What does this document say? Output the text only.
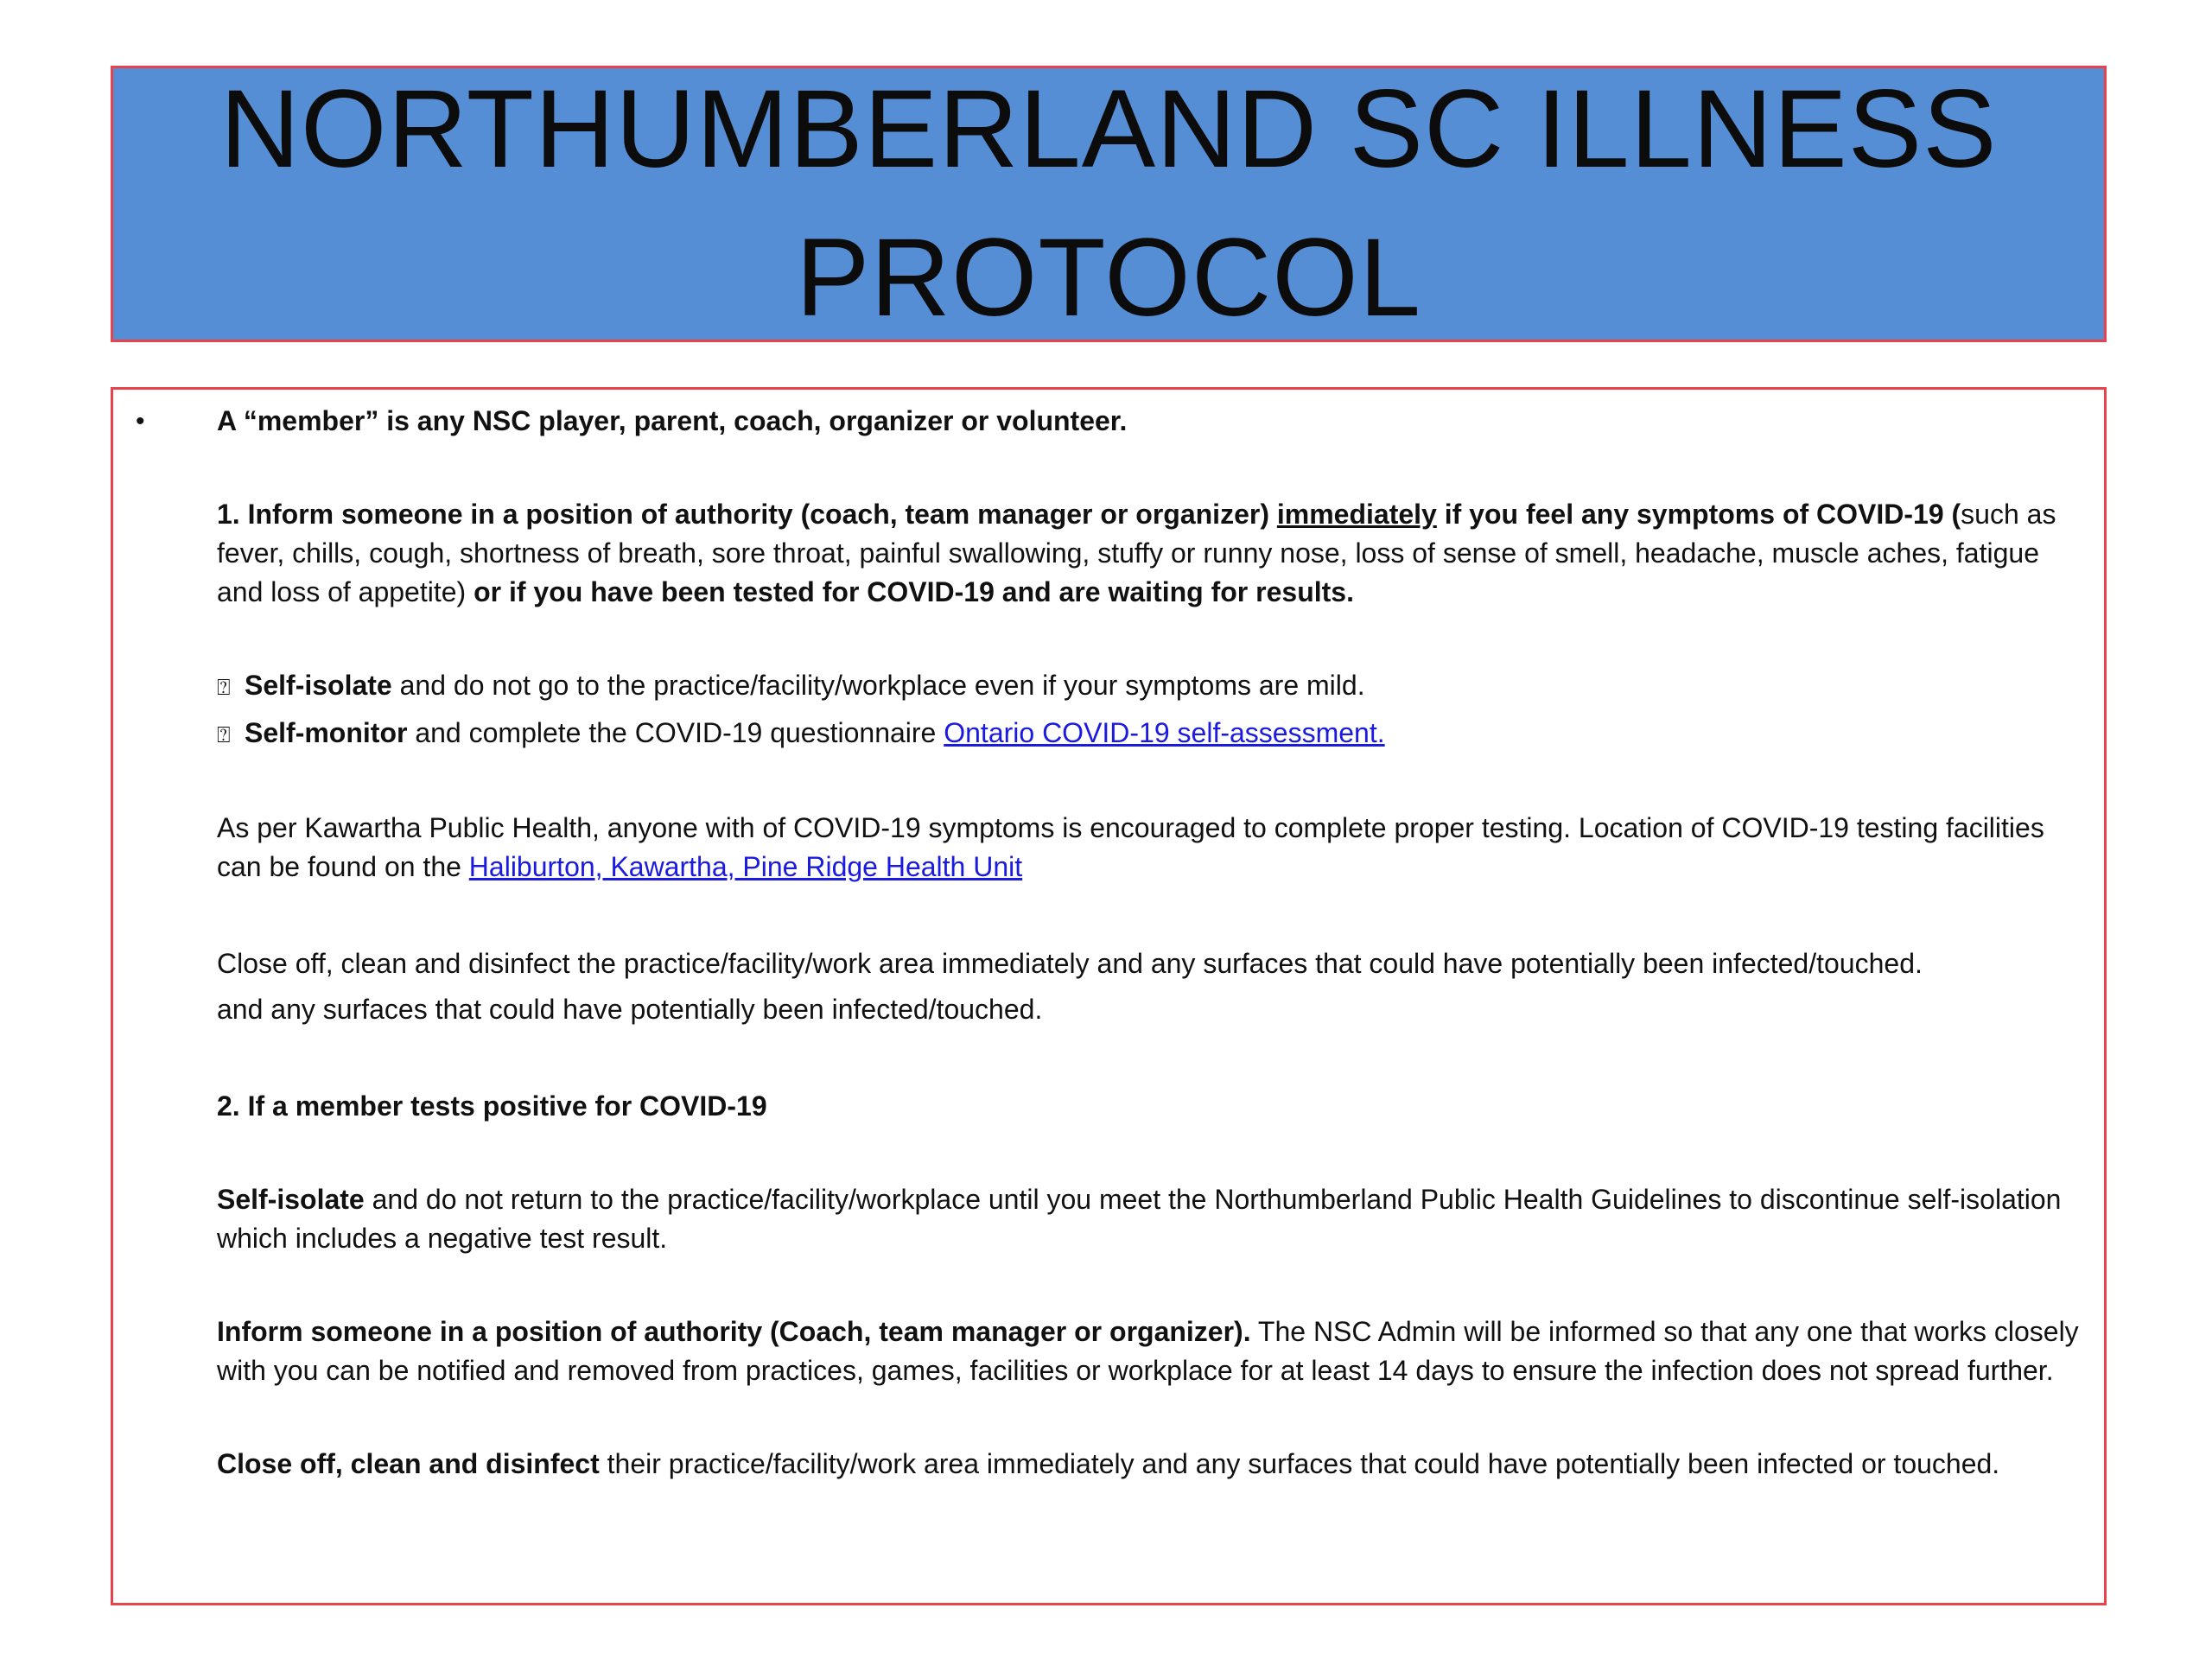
NORTHUMBERLAND SC ILLNESS
PROTOCOL
•	A “member” is any NSC player, parent, coach, organizer or volunteer.

1. Inform someone in a position of authority (coach, team manager or organizer) immediately if you feel any symptoms of COVID-19 (such as fever, chills, cough, shortness of breath, sore throat, painful swallowing, stuffy or runny nose, loss of sense of smell, headache, muscle aches, fatigue and loss of appetite) or if you have been tested for COVID-19 and are waiting for results.

⍰ Self-isolate and do not go to the practice/facility/workplace even if your symptoms are mild.

⍰ Self-monitor and complete the COVID-19 questionnaire Ontario COVID-19 self-assessment.

As per Kawartha Public Health, anyone with of COVID-19 symptoms is encouraged to complete proper testing. Location of COVID-19 testing facilities can be found on the Haliburton, Kawartha, Pine Ridge Health Unit

Close off, clean and disinfect the practice/facility/work area immediately and any surfaces that could have potentially been infected/touched.
and any surfaces that could have potentially been infected/touched.

2. If a member tests positive for COVID-19

Self-isolate and do not return to the practice/facility/workplace until you meet the Northumberland Public Health Guidelines to discontinue self-isolation which includes a negative test result.

Inform someone in a position of authority (Coach, team manager or organizer). The NSC Admin will be informed so that any one that works closely with you can be notified and removed from practices, games, facilities or workplace for at least 14 days to ensure the infection does not spread further.

Close off, clean and disinfect their practice/facility/work area immediately and any surfaces that could have potentially been infected or touched.
